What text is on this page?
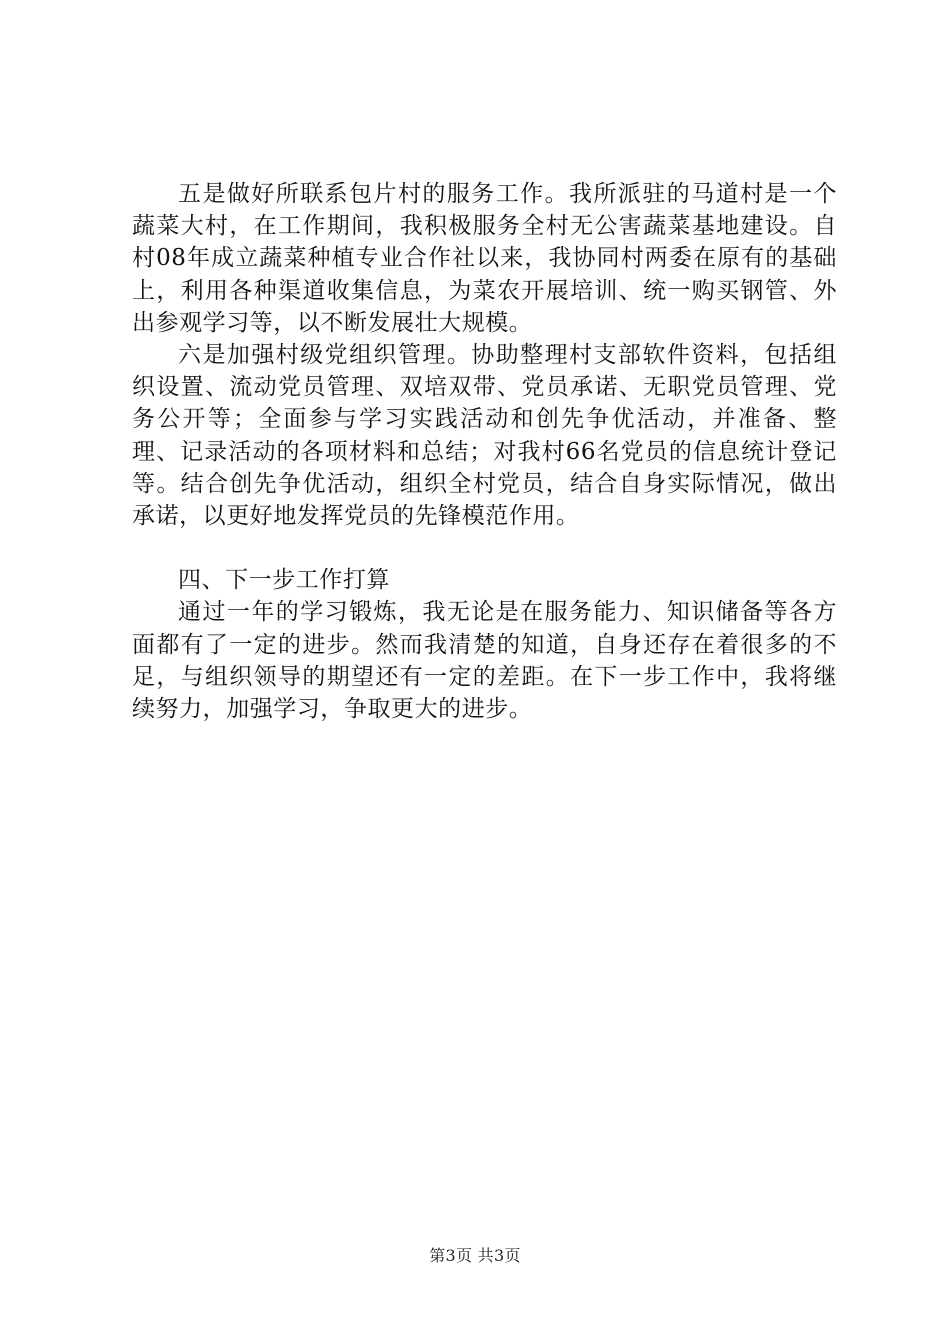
五是做好所联系包片村的服务工作。我所派驻的马道村是一个蔬菜大村，在工作期间，我积极服务全村无公害蔬菜基地建设。自村08年成立蔬菜种植专业合作社以来，我协同村两委在原有的基础上，利用各种渠道收集信息，为菜农开展培训、统一购买钢管、外出参观学习等，以不断发展壮大规模。

六是加强村级党组织管理。协助整理村支部软件资料，包括组织设置、流动党员管理、双培双带、党员承诺、无职党员管理、党务公开等；全面参与学习实践活动和创先争优活动，并准备、整理、记录活动的各项材料和总结；对我村66名党员的信息统计登记等。结合创先争优活动，组织全村党员，结合自身实际情况，做出承诺，以更好地发挥党员的先锋模范作用。

四、下一步工作打算

通过一年的学习锻炼，我无论是在服务能力、知识储备等各方面都有了一定的进步。然而我清楚的知道，自身还存在着很多的不足，与组织领导的期望还有一定的差距。在下一步工作中，我将继续努力，加强学习，争取更大的进步。

第3页 共3页
